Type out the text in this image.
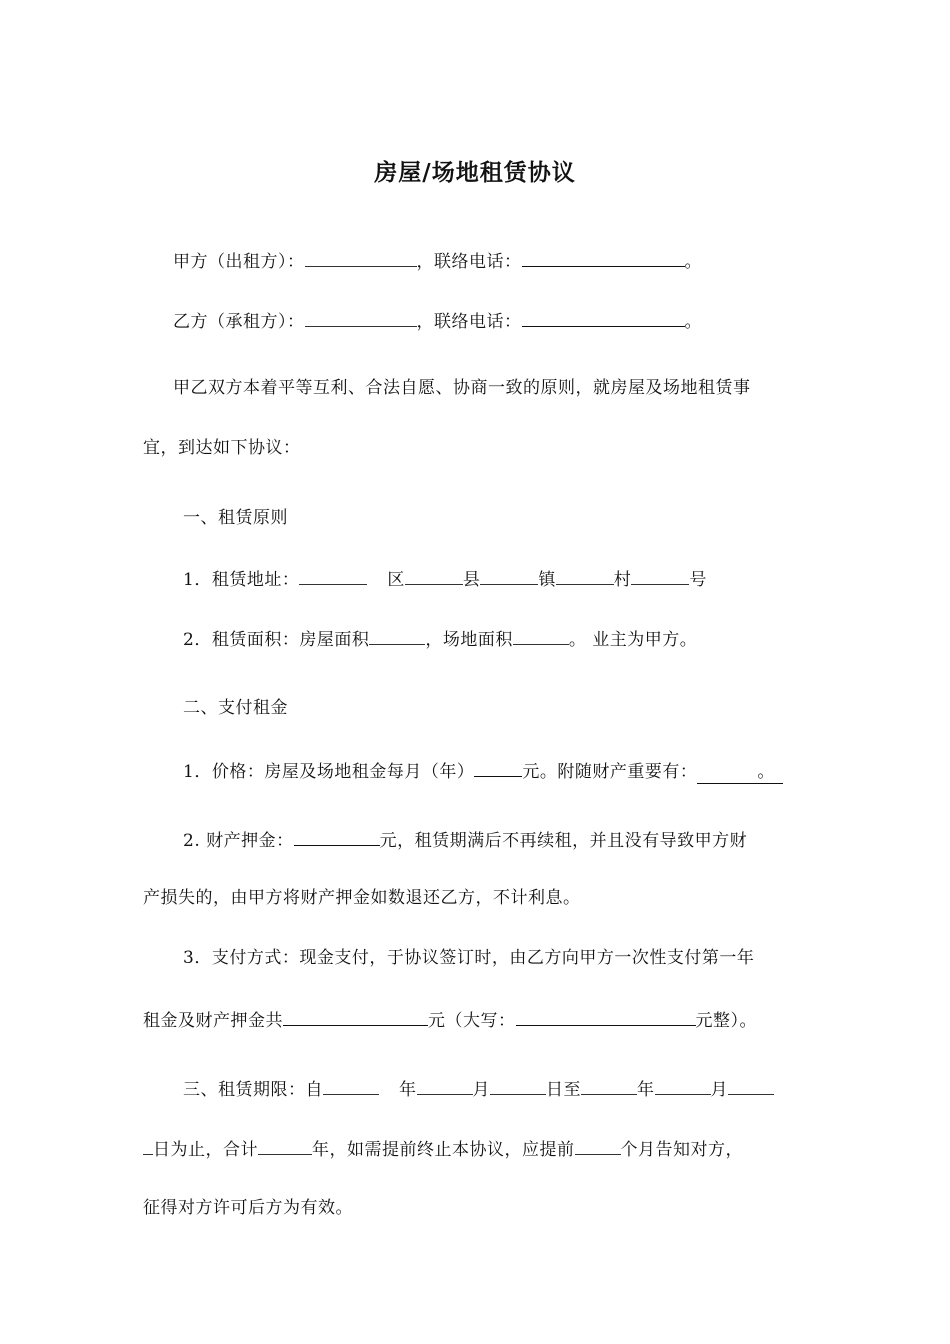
房屋/场地租赁协议
甲方（出租方）：	，联络电话：	。
乙方（承租方）：	，联络电话：	。
甲乙双方本着平等互利、合法自愿、协商一致的原则，就房屋及场地租赁事
宜，到达如下协议：
一、租赁原则
1．租赁地址：	区	县	镇	村	号
2．租赁面积：房屋面积	，场地面积	。 业主为甲方。
二、支付租金
1．价格：房屋及场地租金每月（年）	元。附随财产重要有：	。
2. 财产押金：	元，租赁期满后不再续租，并且没有导致甲方财
产损失的，由甲方将财产押金如数退还乙方，不计利息。
3．支付方式：现金支付，于协议签订时，由乙方向甲方一次性支付第一年
租金及财产押金共	元（大写：	元整）。
三、租赁期限：自	年	月	日至	年	月
日为止，合计	年，如需提前终止本协议，应提前	个月告知对方，
征得对方许可后方为有效。
